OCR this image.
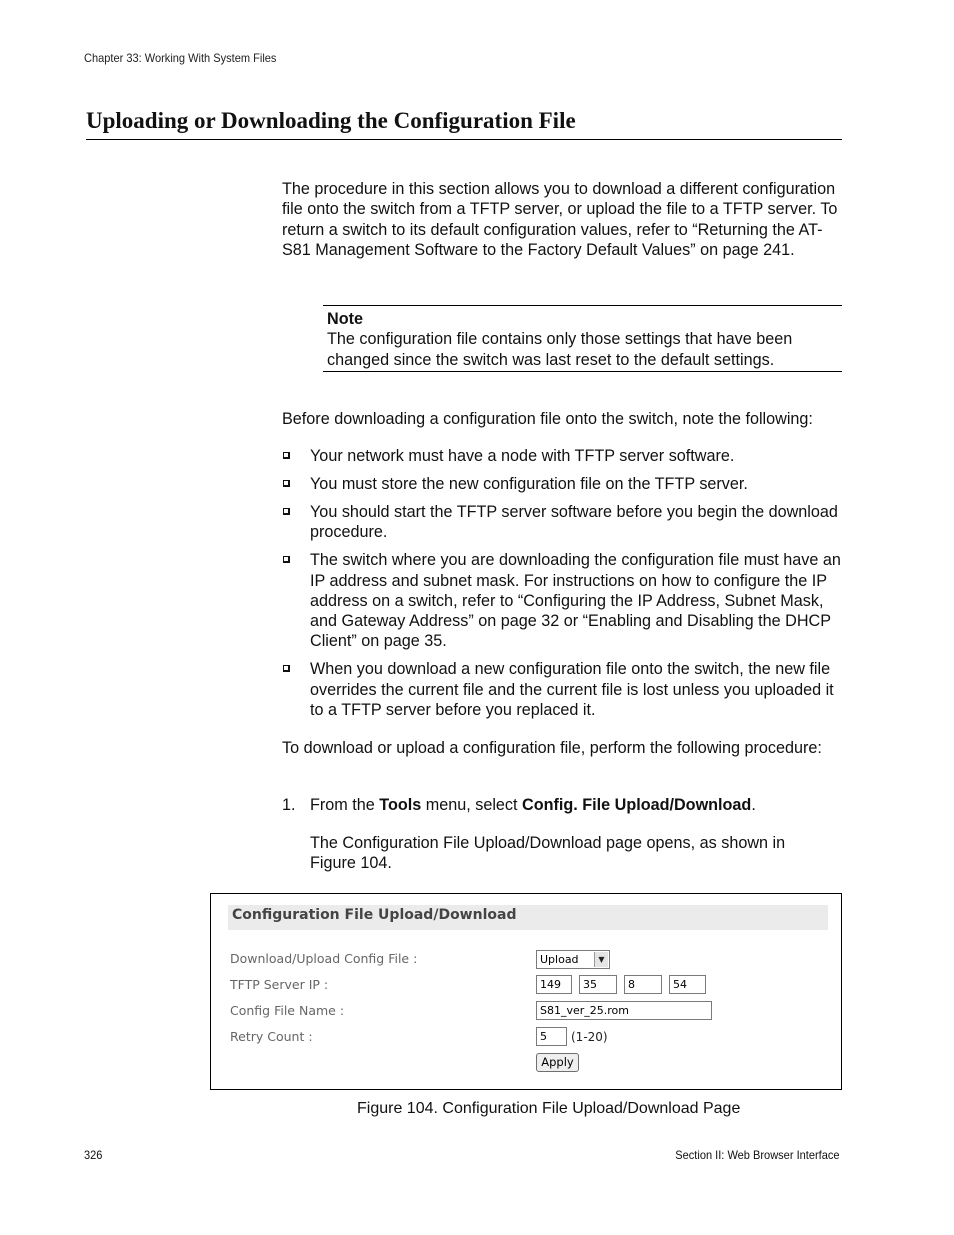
Chapter 33: Working With System Files
Uploading or Downloading the Configuration File
The procedure in this section allows you to download a different configuration file onto the switch from a TFTP server, or upload the file to a TFTP server. To return a switch to its default configuration values, refer to “Returning the AT-S81 Management Software to the Factory Default Values” on page 241.
Note
The configuration file contains only those settings that have been changed since the switch was last reset to the default settings.
Before downloading a configuration file onto the switch, note the following:
Your network must have a node with TFTP server software.
You must store the new configuration file on the TFTP server.
You should start the TFTP server software before you begin the download procedure.
The switch where you are downloading the configuration file must have an IP address and subnet mask. For instructions on how to configure the IP address on a switch, refer to “Configuring the IP Address, Subnet Mask, and Gateway Address” on page 32 or “Enabling and Disabling the DHCP Client” on page 35.
When you download a new configuration file onto the switch, the new file overrides the current file and the current file is lost unless you uploaded it to a TFTP server before you replaced it.
To download or upload a configuration file, perform the following procedure:
1. From the Tools menu, select Config. File Upload/Download.
The Configuration File Upload/Download page opens, as shown in Figure 104.
Configuration File Upload/Download
Download/Upload Config File :	Upload	▼
TFTP Server IP :	149	35	8	54
Config File Name :	S81_ver_25.rom
Retry Count :	5	(1-20)
Apply
Figure 104. Configuration File Upload/Download Page
326	Section II: Web Browser Interface
